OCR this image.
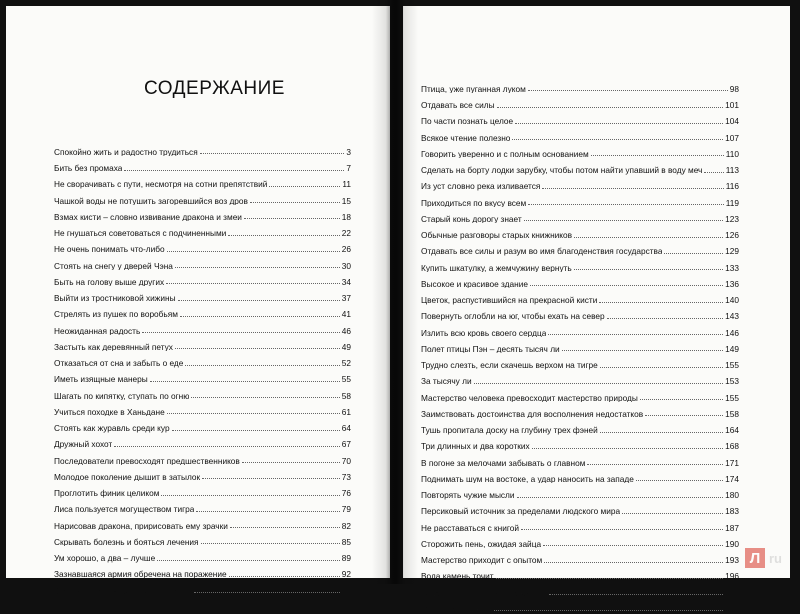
СОДЕРЖАНИЕ
Спокойно жить и радостно трудиться	3
Бить без промаха	7
Не сворачивать с пути, несмотря на сотни препятствий	11
Чашкой воды не потушить загоревшийся воз дров	15
Взмах кисти – словно извивание дракона и змеи	18
Не гнушаться советоваться с подчиненными	22
Не очень понимать что-либо	26
Стоять на снегу у дверей Чэна	30
Быть на голову выше других	34
Выйти из тростниковой хижины	37
Стрелять из пушек по воробьям	41
Неожиданная радость	46
Застыть как деревянный петух	49
Отказаться от сна и забыть о еде	52
Иметь изящные манеры	55
Шагать по кипятку, ступать по огню	58
Учиться походке в Ханьдане	61
Стоять как журавль среди кур	64
Дружный хохот	67
Последователи превосходят предшественников	70
Молодое поколение дышит в затылок	73
Проглотить финик целиком	76
Лиса пользуется могуществом тигра	79
Нарисовав дракона, пририсовать ему зрачки	82
Скрывать болезнь и бояться лечения	85
Ум хорошо, а два – лучше	89
Зазнавшаяся армия обречена на поражение	92
Осушить пруд, чтобы выудить рыбу	95
Птица, уже пуганная луком	98
Отдавать все силы	101
По части познать целое	104
Всякое чтение полезно	107
Говорить уверенно и с полным основанием	110
Сделать на борту лодки зарубку, чтобы потом найти упавший в воду меч	113
Из уст словно река изливается	116
Приходиться по вкусу всем	119
Старый конь дорогу знает	123
Обычные разговоры старых книжников	126
Отдавать все силы и разум во имя благоденствия государства	129
Купить шкатулку, а жемчужину вернуть	133
Высокое и красивое здание	136
Цветок, распустившийся на прекрасной кисти	140
Повернуть оглобли на юг, чтобы ехать на север	143
Излить всю кровь своего сердца	146
Полет птицы Пэн – десять тысяч ли	149
Трудно слезть, если скачешь верхом на тигре	155
За тысячу ли	153
Мастерство человека превосходит мастерство природы	155
Заимствовать достоинства для восполнения недостатков	158
Тушь пропитала доску на глубину трех фэней	164
Три длинных и два коротких	168
В погоне за мелочами забывать о главном	171
Поднимать шум на востоке, а удар наносить на западе	174
Повторять чужие мысли	180
Персиковый источник за пределами людского мира	183
Не расставаться с книгой	187
Сторожить пень, ожидая зайца	190
Мастерство приходит с опытом	193
Вода камень точит	196
Вода спала – камни обнажились	199
Сыкун нагляделся	203
Л ru
